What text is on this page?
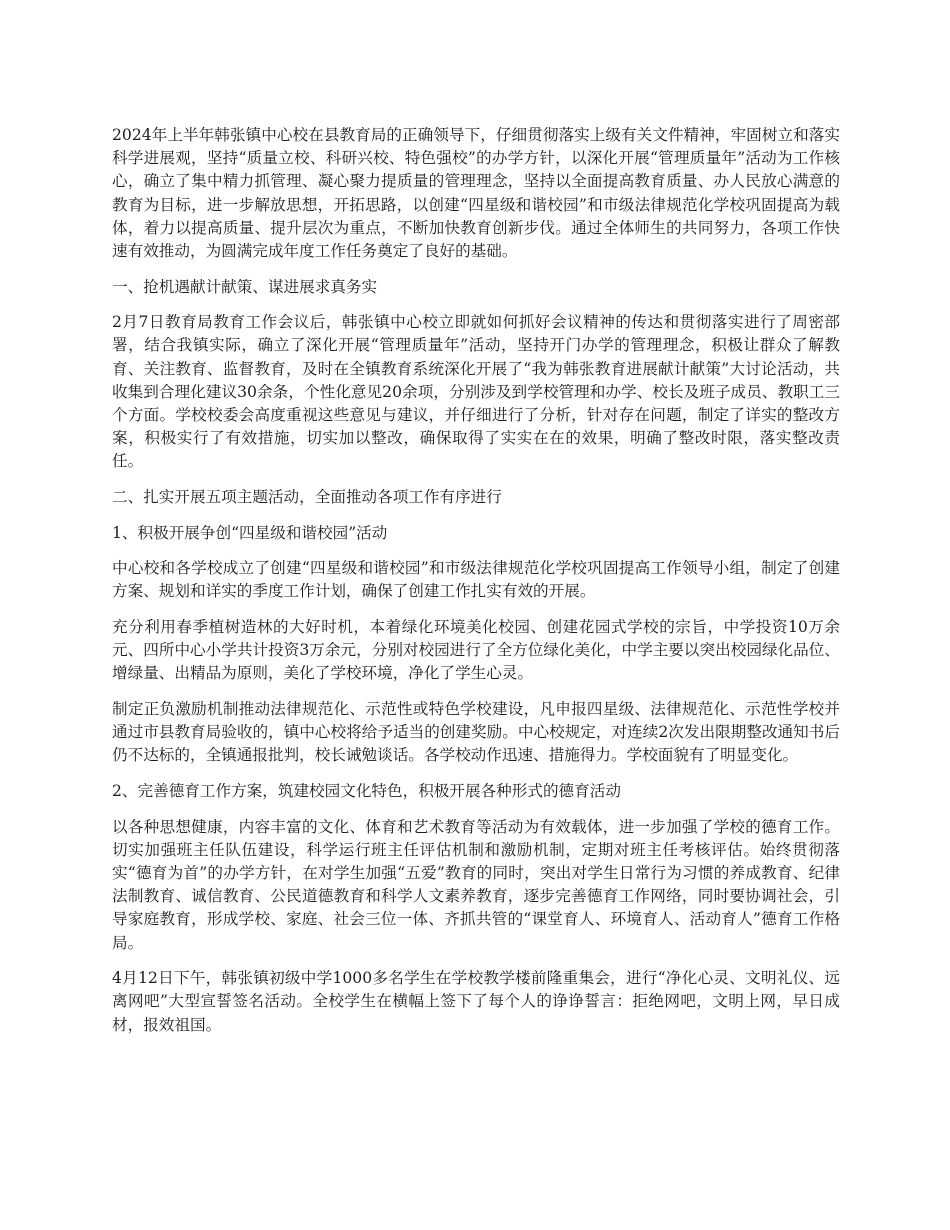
2024年上半年韩张镇中心校在县教育局的正确领导下，仔细贯彻落实上级有关文件精神，牢固树立和落实科学进展观，坚持“质量立校、科研兴校、特色强校”的办学方针，以深化开展“管理质量年”活动为工作核心，确立了集中精力抓管理、凝心聚力提质量的管理理念，坚持以全面提高教育质量、办人民放心满意的教育为目标，进一步解放思想，开拓思路，以创建“四星级和谐校园”和市级法律规范化学校巩固提高为载体，着力以提高质量、提升层次为重点，不断加快教育创新步伐。通过全体师生的共同努力，各项工作快速有效推动，为圆满完成年度工作任务奠定了良好的基础。

一、抢机遇献计献策、谋进展求真务实

2月7日教育局教育工作会议后，韩张镇中心校立即就如何抓好会议精神的传达和贯彻落实进行了周密部署，结合我镇实际，确立了深化开展“管理质量年”活动，坚持开门办学的管理理念，积极让群众了解教育、关注教育、监督教育，及时在全镇教育系统深化开展了“我为韩张教育进展献计献策”大讨论活动，共收集到合理化建议30余条，个性化意见20余项，分别涉及到学校管理和办学、校长及班子成员、教职工三个方面。学校校委会高度重视这些意见与建议，并仔细进行了分析，针对存在问题，制定了详实的整改方案，积极实行了有效措施，切实加以整改，确保取得了实实在在的效果，明确了整改时限，落实整改责任。

二、扎实开展五项主题活动，全面推动各项工作有序进行

1、积极开展争创“四星级和谐校园”活动

中心校和各学校成立了创建“四星级和谐校园”和市级法律规范化学校巩固提高工作领导小组，制定了创建方案、规划和详实的季度工作计划，确保了创建工作扎实有效的开展。

充分利用春季植树造林的大好时机，本着绿化环境美化校园、创建花园式学校的宗旨，中学投资10万余元、四所中心小学共计投资3万余元，分别对校园进行了全方位绿化美化，中学主要以突出校园绿化品位、增绿量、出精品为原则，美化了学校环境，净化了学生心灵。

制定正负激励机制推动法律规范化、示范性或特色学校建设，凡申报四星级、法律规范化、示范性学校并通过市县教育局验收的，镇中心校将给予适当的创建奖励。中心校规定，对连续2次发出限期整改通知书后仍不达标的，全镇通报批判，校长诫勉谈话。各学校动作迅速、措施得力。学校面貌有了明显变化。

2、完善德育工作方案，筑建校园文化特色，积极开展各种形式的德育活动

以各种思想健康，内容丰富的文化、体育和艺术教育等活动为有效载体，进一步加强了学校的德育工作。切实加强班主任队伍建设，科学运行班主任评估机制和激励机制，定期对班主任考核评估。始终贯彻落实“德育为首”的办学方针，在对学生加强“五爱”教育的同时，突出对学生日常行为习惯的养成教育、纪律法制教育、诚信教育、公民道德教育和科学人文素养教育，逐步完善德育工作网络，同时要协调社会，引导家庭教育，形成学校、家庭、社会三位一体、齐抓共管的“课堂育人、环境育人、活动育人”德育工作格局。

4月12日下午，韩张镇初级中学1000多名学生在学校教学楼前隆重集会，进行“净化心灵、文明礼仪、远离网吧”大型宣誓签名活动。全校学生在横幅上签下了每个人的诤诤誓言：拒绝网吧，文明上网，早日成材，报效祖国。
